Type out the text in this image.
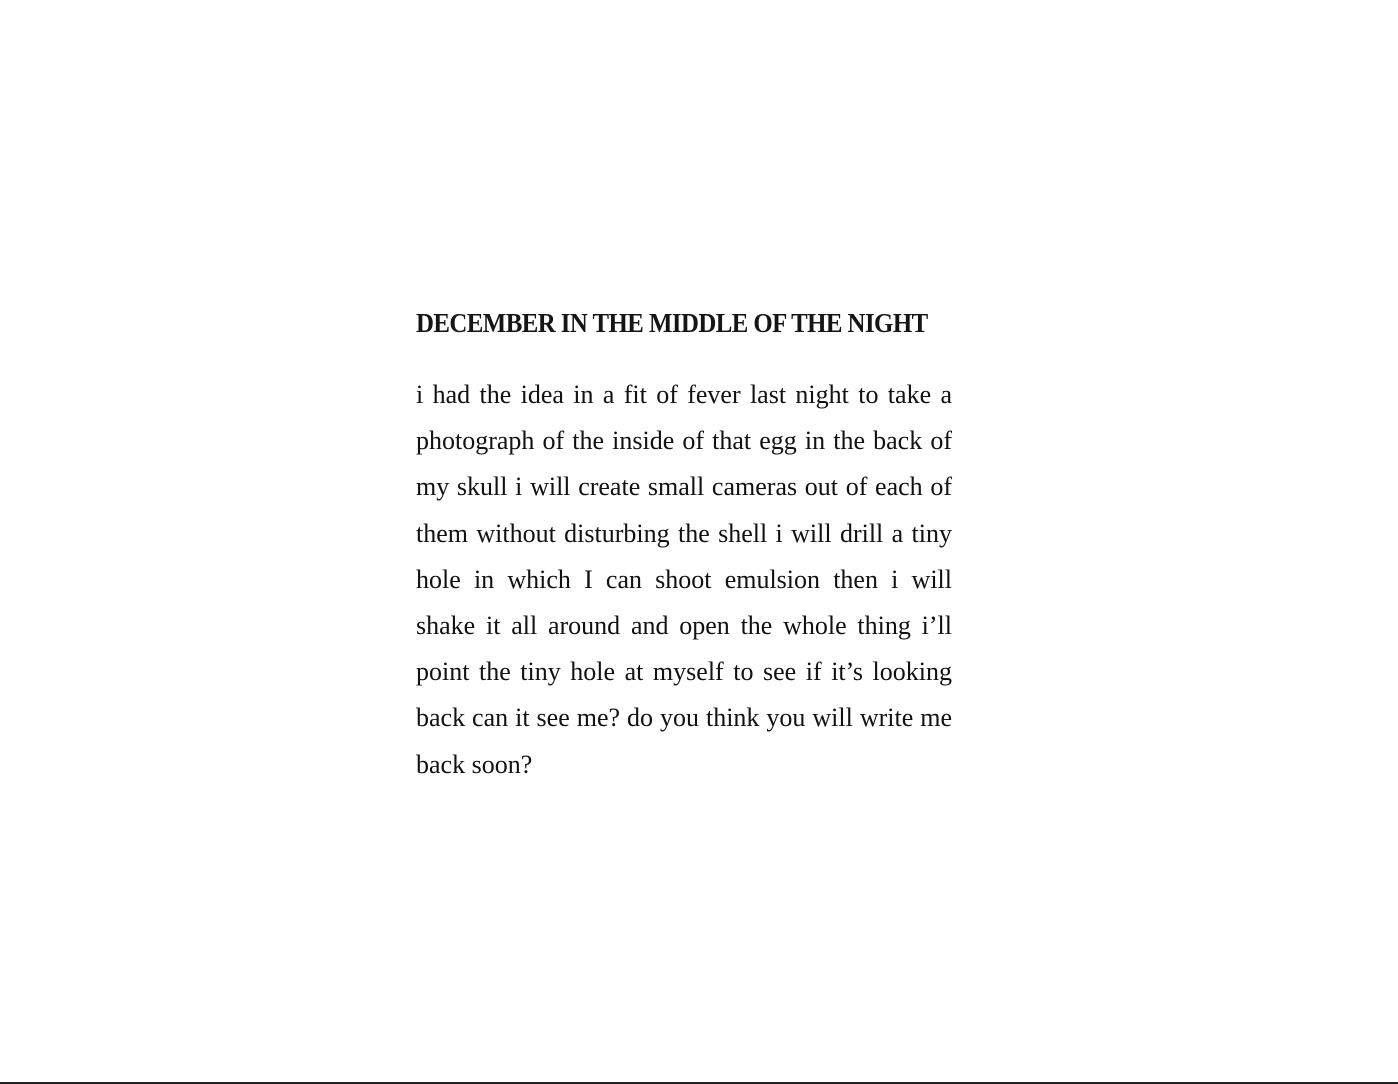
DECEMBER IN THE MIDDLE OF THE NIGHT

i had the idea in a fit of fever last night to take a photograph of the inside of that egg in the back of my skull i will create small cameras out of each of them without disturbing the shell i will drill a tiny hole in which I can shoot emulsion then i will shake it all around and open the whole thing i’ll point the tiny hole at myself to see if it’s looking back can it see me? do you think you will write me back soon?
